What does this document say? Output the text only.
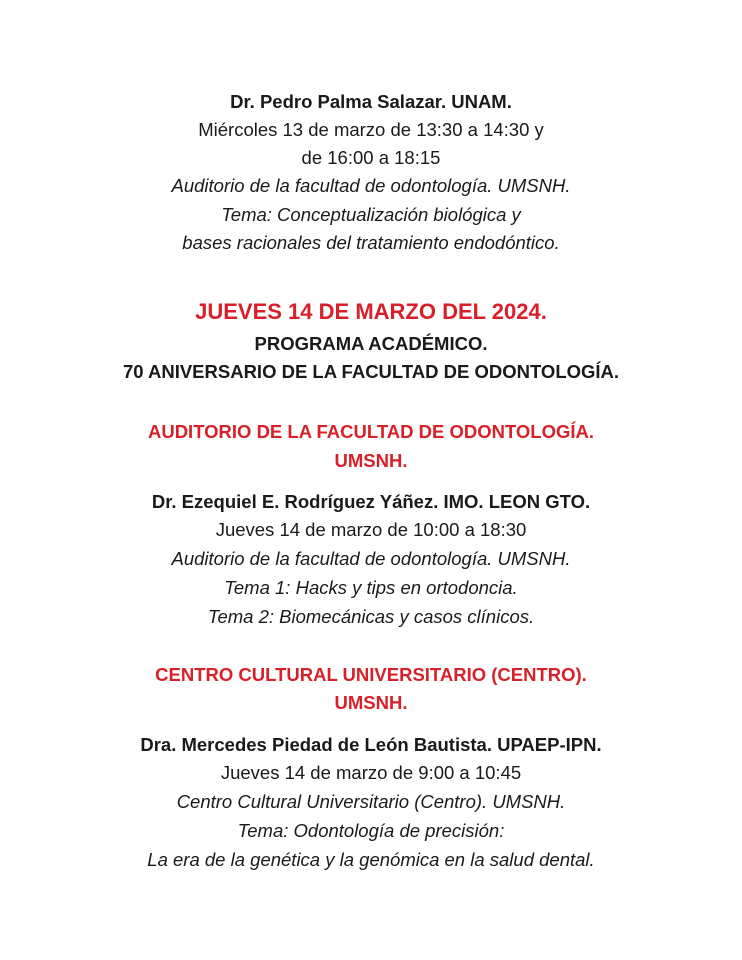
Dr. Pedro Palma Salazar. UNAM.
Miércoles 13 de marzo de 13:30 a 14:30 y
de 16:00 a 18:15
Auditorio de la facultad de odontología. UMSNH.
Tema: Conceptualización biológica y
bases racionales del tratamiento endodóntico.
JUEVES 14 DE MARZO DEL 2024.
PROGRAMA ACADÉMICO.
70 ANIVERSARIO DE LA FACULTAD DE ODONTOLOGÍA.
AUDITORIO DE LA FACULTAD DE ODONTOLOGÍA.
UMSNH.
Dr. Ezequiel E. Rodríguez Yáñez. IMO. LEON GTO.
Jueves 14 de marzo de 10:00 a 18:30
Auditorio de la facultad de odontología. UMSNH.
Tema 1: Hacks y tips en ortodoncia.
Tema 2: Biomecánicas y casos clínicos.
CENTRO CULTURAL UNIVERSITARIO (CENTRO).
UMSNH.
Dra. Mercedes Piedad de León Bautista. UPAEP-IPN.
Jueves 14 de marzo de 9:00 a 10:45
Centro Cultural Universitario (Centro). UMSNH.
Tema: Odontología de precisión:
La era de la genética y la genómica en la salud dental.
